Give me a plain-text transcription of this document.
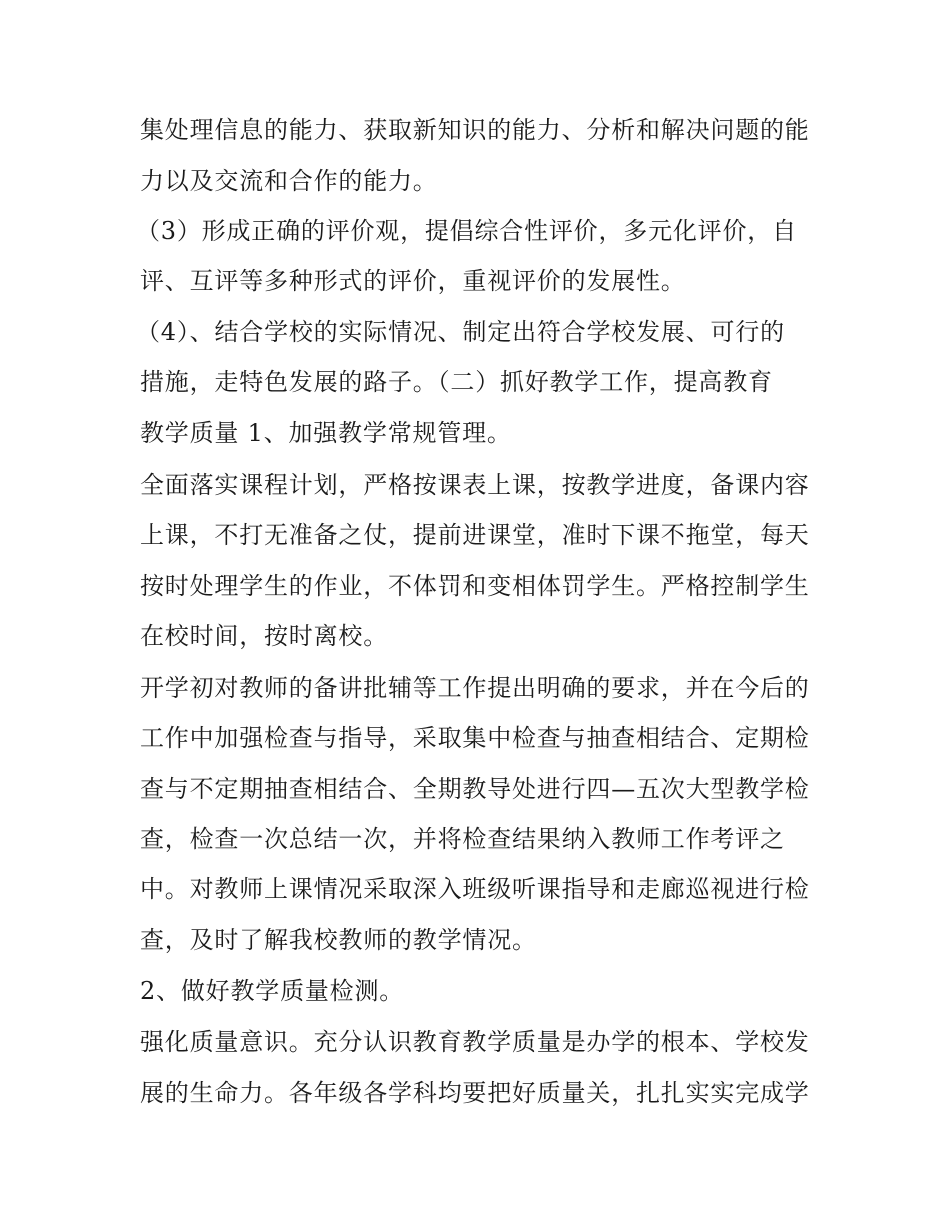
集处理信息的能力、获取新知识的能力、分析和解决问题的能
力以及交流和合作的能力。
（3）形成正确的评价观，提倡综合性评价，多元化评价，自
评、互评等多种形式的评价，重视评价的发展性。
（4）、结合学校的实际情况、制定出符合学校发展、可行的
措施，走特色发展的路子。（二）抓好教学工作，提高教育
教学质量 1、加强教学常规管理。
全面落实课程计划，严格按课表上课，按教学进度，备课内容
上课，不打无准备之仗，提前进课堂，准时下课不拖堂，每天
按时处理学生的作业，不体罚和变相体罚学生。严格控制学生
在校时间，按时离校。
开学初对教师的备讲批辅等工作提出明确的要求，并在今后的
工作中加强检查与指导，采取集中检查与抽查相结合、定期检
查与不定期抽查相结合、全期教导处进行四—五次大型教学检
查，检查一次总结一次，并将检查结果纳入教师工作考评之
中。对教师上课情况采取深入班级听课指导和走廊巡视进行检
查，及时了解我校教师的教学情况。
2、做好教学质量检测。
强化质量意识。充分认识教育教学质量是办学的根本、学校发
展的生命力。各年级各学科均要把好质量关，扎扎实实完成学
